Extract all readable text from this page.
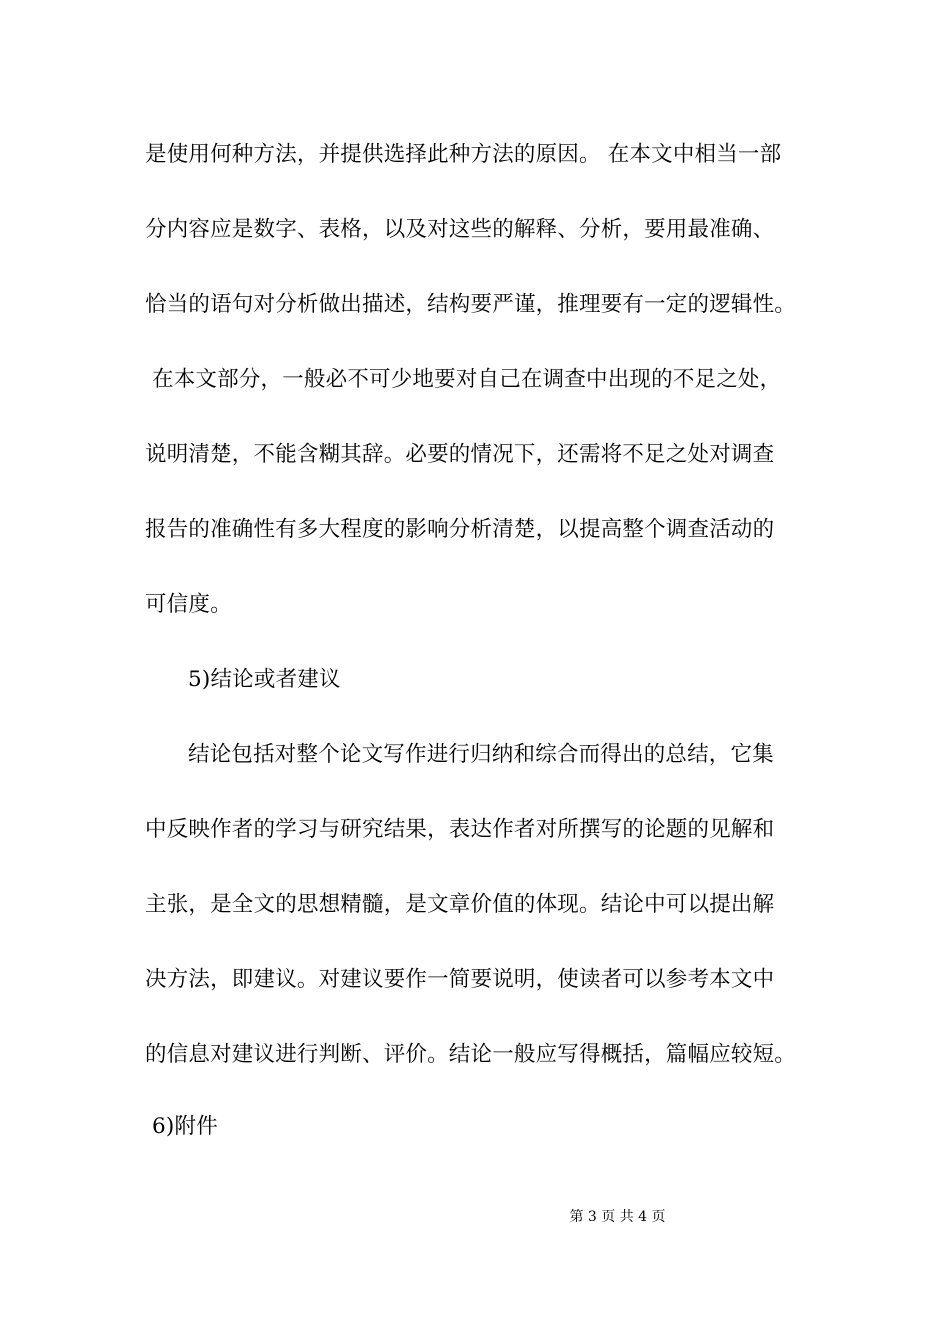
是使用何种方法，并提供选择此种方法的原因。 在本文中相当一部
分内容应是数字、表格，以及对这些的解释、分析，要用最准确、
恰当的语句对分析做出描述，结构要严谨，推理要有一定的逻辑性。
在本文部分，一般必不可少地要对自己在调查中出现的不足之处，
说明清楚，不能含糊其辞。必要的情况下，还需将不足之处对调查
报告的准确性有多大程度的影响分析清楚，以提高整个调查活动的
可信度。
5)结论或者建议
结论包括对整个论文写作进行归纳和综合而得出的总结，它集
中反映作者的学习与研究结果，表达作者对所撰写的论题的见解和
主张，是全文的思想精髓，是文章价值的体现。结论中可以提出解
决方法，即建议。对建议要作一简要说明，使读者可以参考本文中
的信息对建议进行判断、评价。结论一般应写得概括，篇幅应较短。
6)附件
第 3 页 共 4 页
